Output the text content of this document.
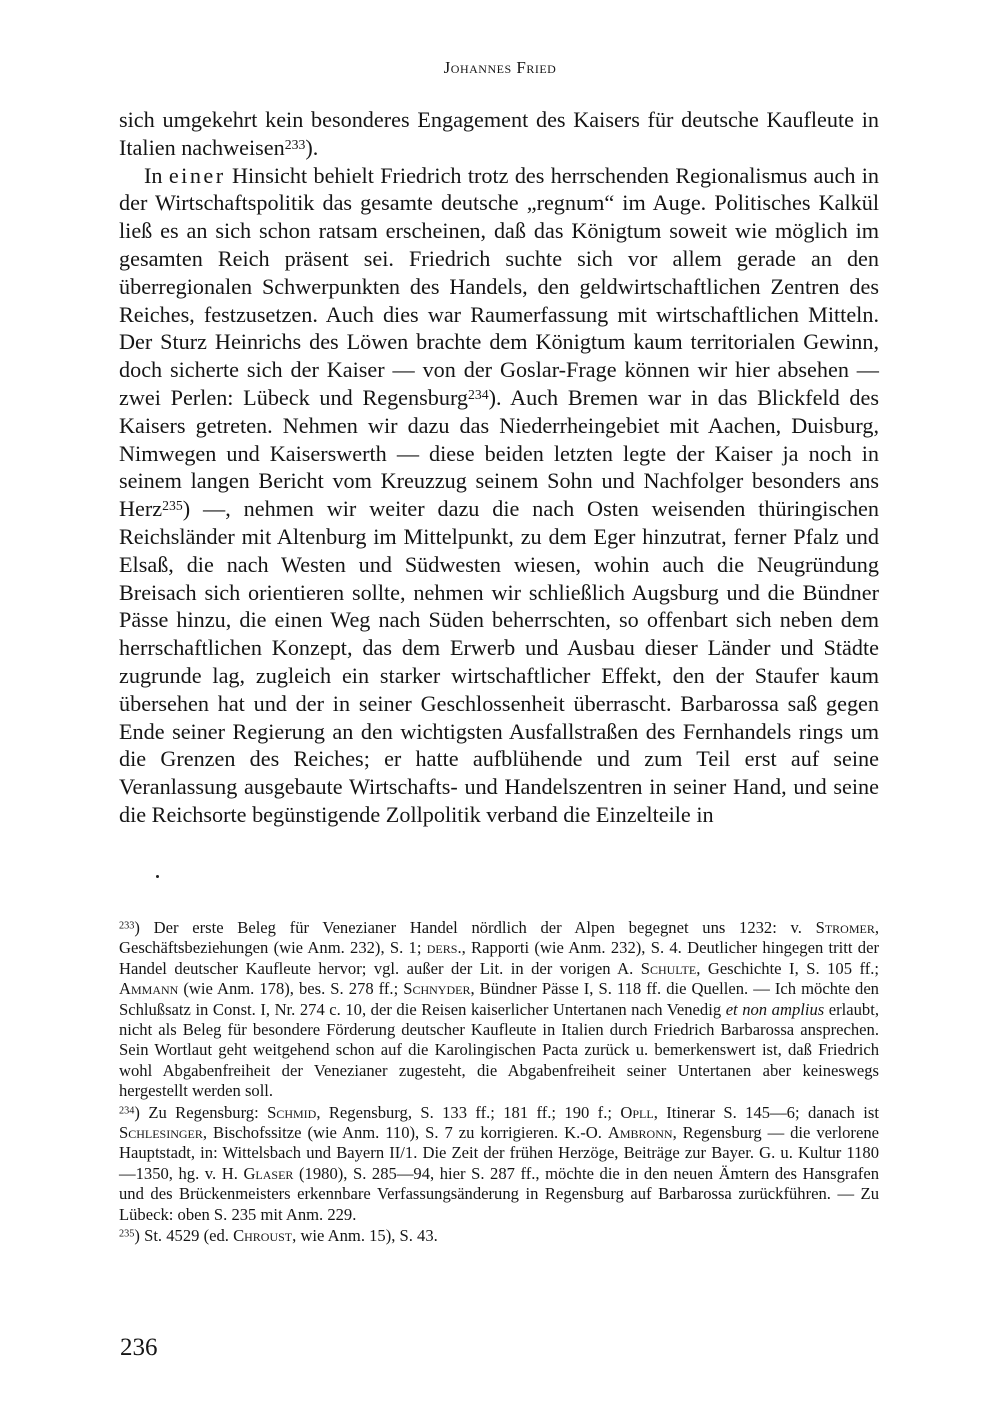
Johannes Fried

sich umgekehrt kein besonderes Engagement des Kaisers für deutsche Kaufleute in Italien nachweisen$^{233}$).

In einer Hinsicht behielt Friedrich trotz des herrschenden Regionalismus auch in der Wirtschaftspolitik das gesamte deutsche „regnum“ im Auge. Politisches Kalkül ließ es an sich schon ratsam erscheinen, daß das Königtum soweit wie möglich im gesamten Reich präsent sei. Friedrich suchte sich vor allem gerade an den überregionalen Schwerpunkten des Handels, den geldwirtschaftlichen Zentren des Reiches, festzusetzen. Auch dies war Raumerfassung mit wirtschaftlichen Mitteln. Der Sturz Heinrichs des Löwen brachte dem Königtum kaum territorialen Gewinn, doch sicherte sich der Kaiser — von der Goslar-Frage können wir hier absehen — zwei Perlen: Lübeck und Regensburg$^{234}$). Auch Bremen war in das Blickfeld des Kaisers getreten. Nehmen wir dazu das Niederrheingebiet mit Aachen, Duisburg, Nimwegen und Kaiserswerth — diese beiden letzten legte der Kaiser ja noch in seinem langen Bericht vom Kreuzzug seinem Sohn und Nachfolger besonders ans Herz$^{235}$) —, nehmen wir weiter dazu die nach Osten weisenden thüringischen Reichsländer mit Altenburg im Mittelpunkt, zu dem Eger hinzutrat, ferner Pfalz und Elsaß, die nach Westen und Südwesten wiesen, wohin auch die Neugründung Breisach sich orientieren sollte, nehmen wir schließlich Augsburg und die Bündner Pässe hinzu, die einen Weg nach Süden beherrschten, so offenbart sich neben dem herrschaftlichen Konzept, das dem Erwerb und Ausbau dieser Länder und Städte zugrunde lag, zugleich ein starker wirtschaftlicher Effekt, den der Staufer kaum übersehen hat und der in seiner Geschlossenheit überrascht. Barbarossa saß gegen Ende seiner Regierung an den wichtigsten Ausfallstraßen des Fernhandels rings um die Grenzen des Reiches; er hatte aufblühende und zum Teil erst auf seine Veranlassung ausgebaute Wirtschafts- und Handelszentren in seiner Hand, und seine die Reichsorte begünstigende Zollpolitik verband die Einzelteile in

$^{233}$) Der erste Beleg für Venezianer Handel nördlich der Alpen begegnet uns 1232: v. Stromer, Geschäftsbeziehungen (wie Anm. 232), S. 1; ders., Rapporti (wie Anm. 232), S. 4. Deutlicher hingegen tritt der Handel deutscher Kaufleute hervor; vgl. außer der Lit. in der vorigen A. Schulte, Geschichte I, S. 105 ff.; Ammann (wie Anm. 178), bes. S. 278 ff.; Schnyder, Bündner Pässe I, S. 118 ff. die Quellen. — Ich möchte den Schlußsatz in Const. I, Nr. 274 c. 10, der die Reisen kaiserlicher Untertanen nach Venedig et non amplius erlaubt, nicht als Beleg für besondere Förderung deutscher Kaufleute in Italien durch Friedrich Barbarossa ansprechen. Sein Wortlaut geht weitgehend schon auf die Karolingischen Pacta zurück u. bemerkenswert ist, daß Friedrich wohl Abgabenfreiheit der Venezianer zugesteht, die Abgabenfreiheit seiner Untertanen aber keineswegs hergestellt werden soll.

$^{234}$) Zu Regensburg: Schmid, Regensburg, S. 133 ff.; 181 ff.; 190 f.; Opll, Itinerar S. 145—6; danach ist Schlesinger, Bischofssitze (wie Anm. 110), S. 7 zu korrigieren. K.-O. Ambronn, Regensburg — die verlorene Hauptstadt, in: Wittelsbach und Bayern II/1. Die Zeit der frühen Herzöge, Beiträge zur Bayer. G. u. Kultur 1180—1350, hg. v. H. Glaser (1980), S. 285—94, hier S. 287 ff., möchte die in den neuen Ämtern des Hansgrafen und des Brückenmeisters erkennbare Verfassungsänderung in Regensburg auf Barbarossa zurückführen. — Zu Lübeck: oben S. 235 mit Anm. 229.

$^{235}$) St. 4529 (ed. Chroust, wie Anm. 15), S. 43.

236
